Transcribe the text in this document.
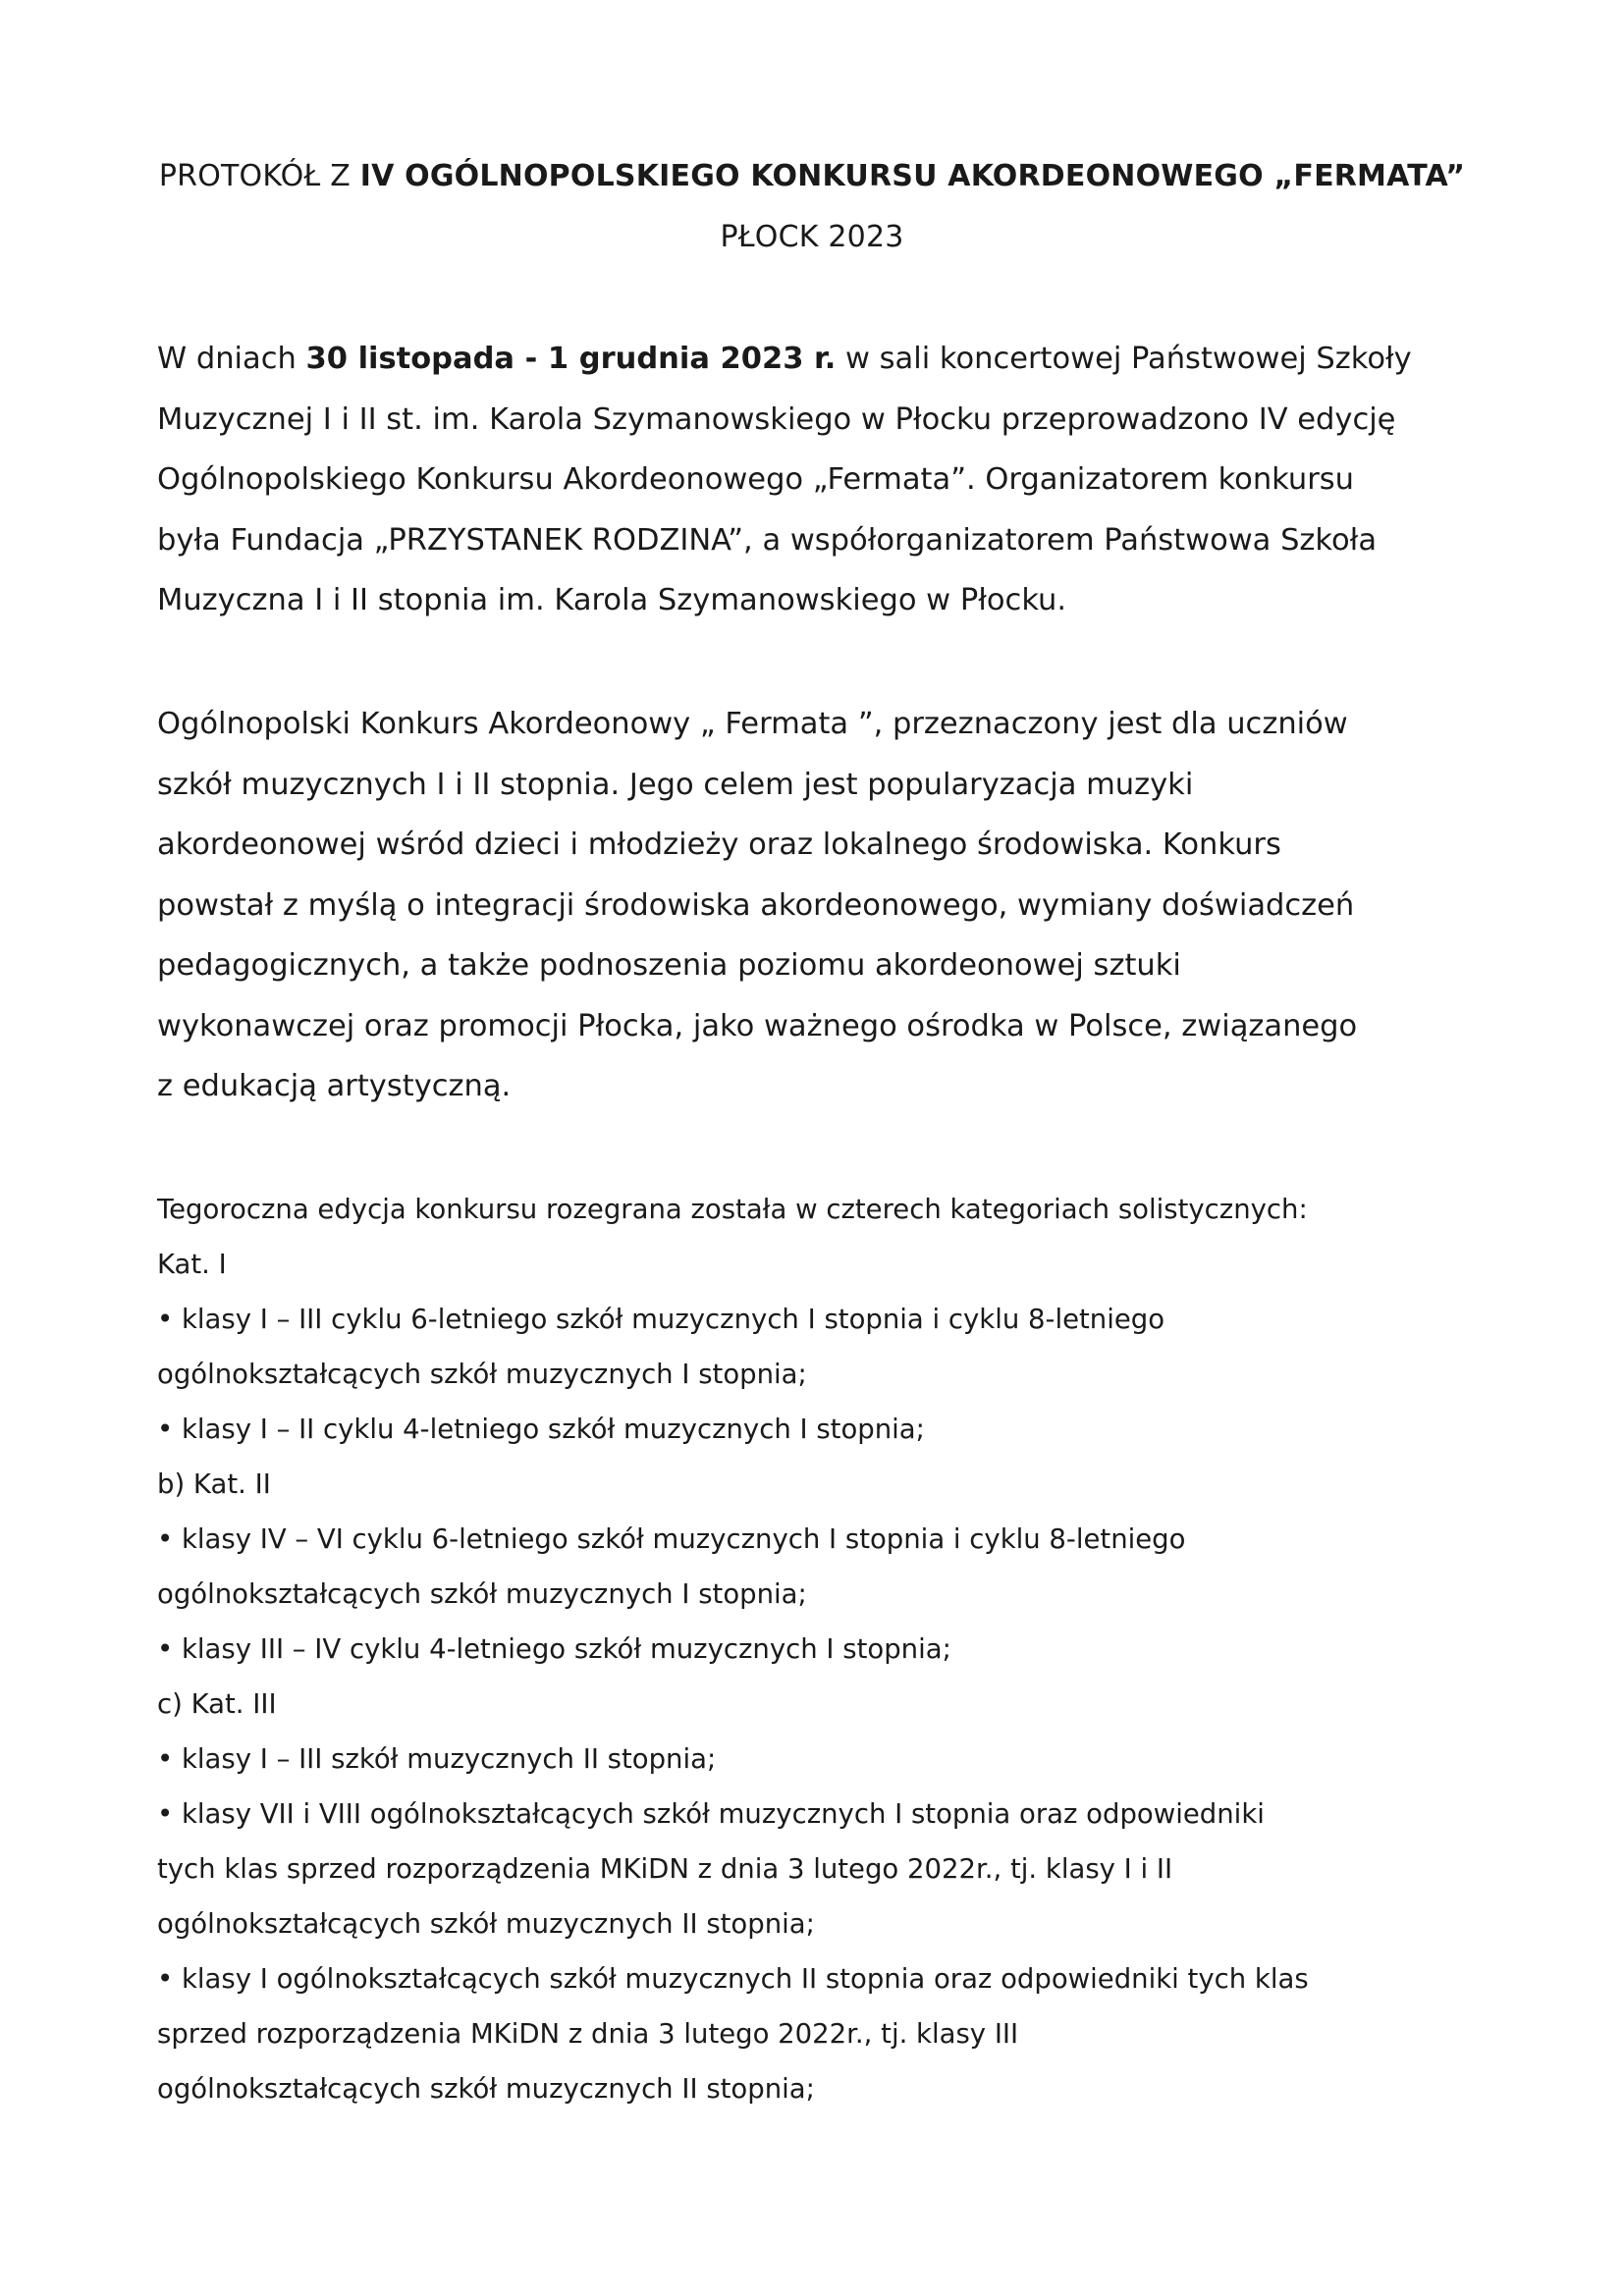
PROTOKÓŁ Z IV OGÓLNOPOLSKIEGO KONKURSU AKORDEONOWEGO „FERMATA”
PŁOCK 2023
W dniach 30 listopada - 1 grudnia 2023 r. w sali koncertowej Państwowej Szkoły
Muzycznej I i II st. im. Karola Szymanowskiego w Płocku przeprowadzono IV edycję
Ogólnopolskiego Konkursu Akordeonowego „Fermata”. Organizatorem konkursu
była Fundacja „PRZYSTANEK RODZINA”, a współorganizatorem Państwowa Szkoła
Muzyczna I i II stopnia im. Karola Szymanowskiego w Płocku.
Ogólnopolski Konkurs Akordeonowy „ Fermata ”, przeznaczony jest dla uczniów
szkół muzycznych I i II stopnia. Jego celem jest popularyzacja muzyki
akordeonowej wśród dzieci i młodzieży oraz lokalnego środowiska. Konkurs
powstał z myślą o integracji środowiska akordeonowego, wymiany doświadczeń
pedagogicznych, a także podnoszenia poziomu akordeonowej sztuki
wykonawczej oraz promocji Płocka, jako ważnego ośrodka w Polsce, związanego
z edukacją artystyczną.
Tegoroczna edycja konkursu rozegrana została w czterech kategoriach solistycznych:
Kat. I
• klasy I – III cyklu 6-letniego szkół muzycznych I stopnia i cyklu 8-letniego
ogólnokształcących szkół muzycznych I stopnia;
• klasy I – II cyklu 4-letniego szkół muzycznych I stopnia;
b) Kat. II
• klasy IV – VI cyklu 6-letniego szkół muzycznych I stopnia i cyklu 8-letniego
ogólnokształcących szkół muzycznych I stopnia;
• klasy III – IV cyklu 4-letniego szkół muzycznych I stopnia;
c) Kat. III
• klasy I – III szkół muzycznych II stopnia;
• klasy VII i VIII ogólnokształcących szkół muzycznych I stopnia oraz odpowiedniki
tych klas sprzed rozporządzenia MKiDN z dnia 3 lutego 2022r., tj. klasy I i II
ogólnokształcących szkół muzycznych II stopnia;
• klasy I ogólnokształcących szkół muzycznych II stopnia oraz odpowiedniki tych klas
sprzed rozporządzenia MKiDN z dnia 3 lutego 2022r., tj. klasy III
ogólnokształcących szkół muzycznych II stopnia;
